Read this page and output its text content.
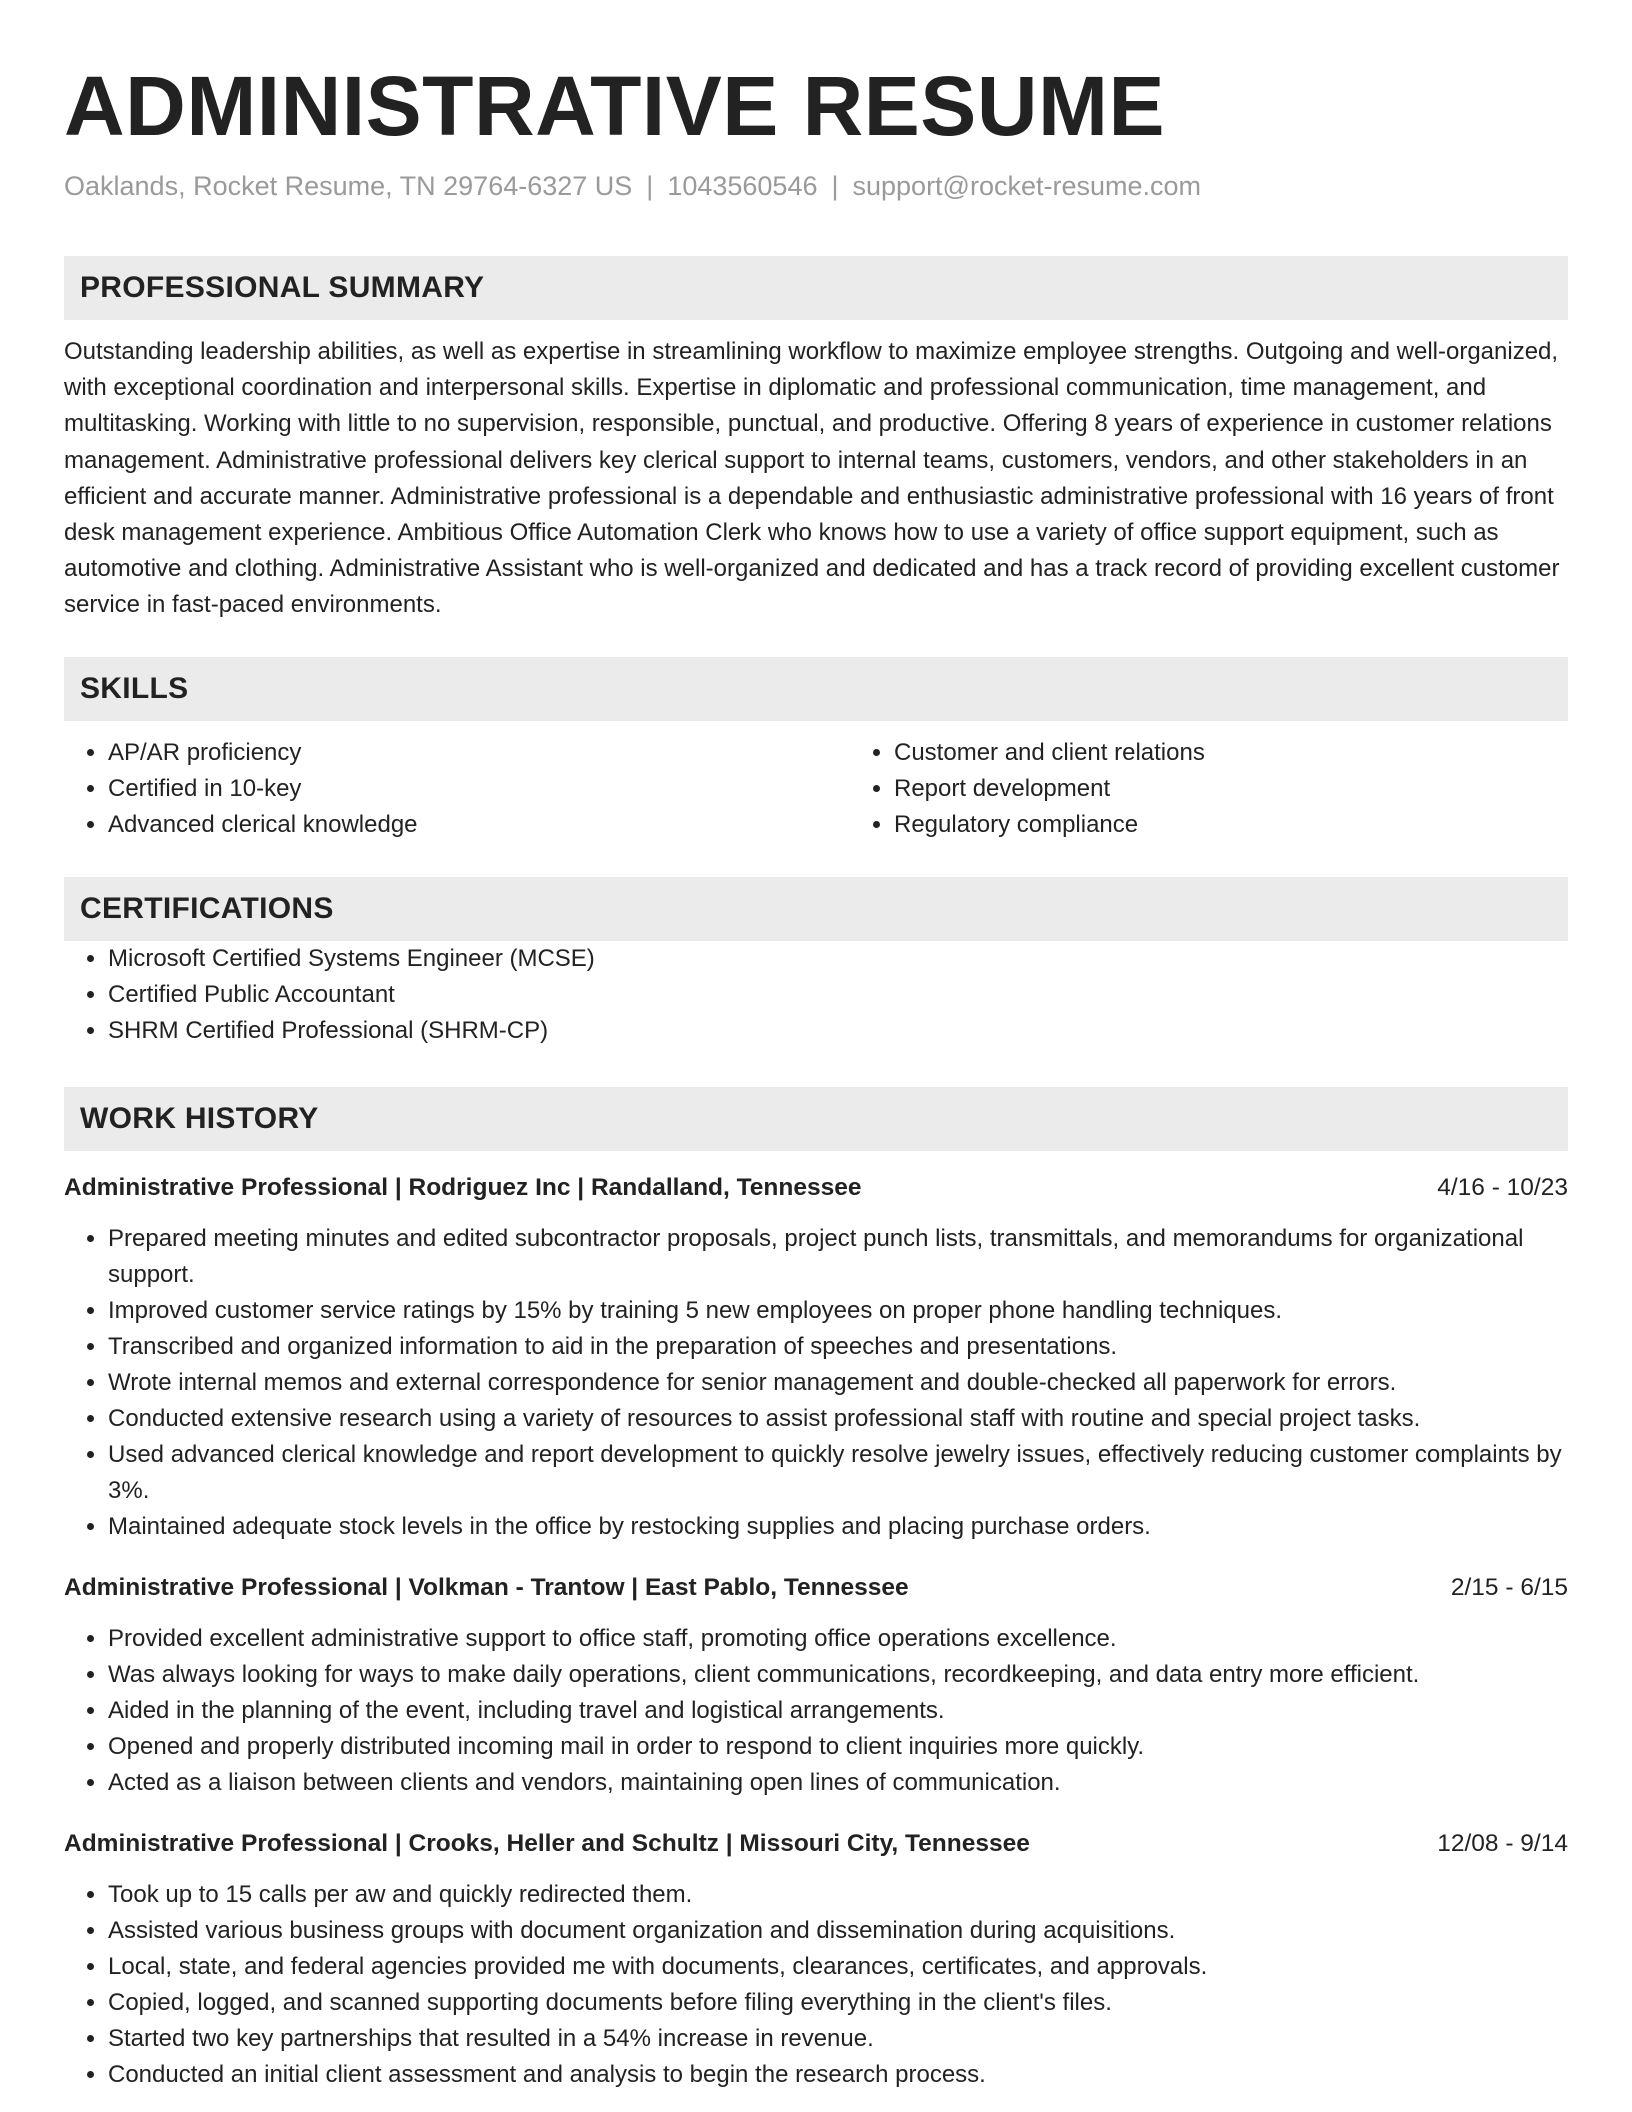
ADMINISTRATIVE RESUME
Oaklands, Rocket Resume, TN 29764-6327 US | 1043560546 | support@rocket-resume.com
PROFESSIONAL SUMMARY

Outstanding leadership abilities, as well as expertise in streamlining workflow to maximize employee strengths. Outgoing and well-organized, with exceptional coordination and interpersonal skills. Expertise in diplomatic and professional communication, time management, and multitasking. Working with little to no supervision, responsible, punctual, and productive. Offering 8 years of experience in customer relations management. Administrative professional delivers key clerical support to internal teams, customers, vendors, and other stakeholders in an efficient and accurate manner. Administrative professional is a dependable and enthusiastic administrative professional with 16 years of front desk management experience. Ambitious Office Automation Clerk who knows how to use a variety of office support equipment, such as automotive and clothing. Administrative Assistant who is well-organized and dedicated and has a track record of providing excellent customer service in fast-paced environments.

SKILLS
• AP/AR proficiency
• Certified in 10-key
• Advanced clerical knowledge
• Customer and client relations
• Report development
• Regulatory compliance
CERTIFICATIONS
• Microsoft Certified Systems Engineer (MCSE)
• Certified Public Accountant
• SHRM Certified Professional (SHRM-CP)
WORK HISTORY
Administrative Professional | Rodriguez Inc | Randalland, Tennessee	4/16 - 10/23
• Prepared meeting minutes and edited subcontractor proposals, project punch lists, transmittals, and memorandums for organizational support.
• Improved customer service ratings by 15% by training 5 new employees on proper phone handling techniques.
• Transcribed and organized information to aid in the preparation of speeches and presentations.
• Wrote internal memos and external correspondence for senior management and double-checked all paperwork for errors.
• Conducted extensive research using a variety of resources to assist professional staff with routine and special project tasks.
• Used advanced clerical knowledge and report development to quickly resolve jewelry issues, effectively reducing customer complaints by 3%.
• Maintained adequate stock levels in the office by restocking supplies and placing purchase orders.
Administrative Professional | Volkman - Trantow | East Pablo, Tennessee	2/15 - 6/15
• Provided excellent administrative support to office staff, promoting office operations excellence.
• Was always looking for ways to make daily operations, client communications, recordkeeping, and data entry more efficient.
• Aided in the planning of the event, including travel and logistical arrangements.
• Opened and properly distributed incoming mail in order to respond to client inquiries more quickly.
• Acted as a liaison between clients and vendors, maintaining open lines of communication.
Administrative Professional | Crooks, Heller and Schultz | Missouri City, Tennessee	12/08 - 9/14
• Took up to 15 calls per aw and quickly redirected them.
• Assisted various business groups with document organization and dissemination during acquisitions.
• Local, state, and federal agencies provided me with documents, clearances, certificates, and approvals.
• Copied, logged, and scanned supporting documents before filing everything in the client's files.
• Started two key partnerships that resulted in a 54% increase in revenue.
• Conducted an initial client assessment and analysis to begin the research process.
